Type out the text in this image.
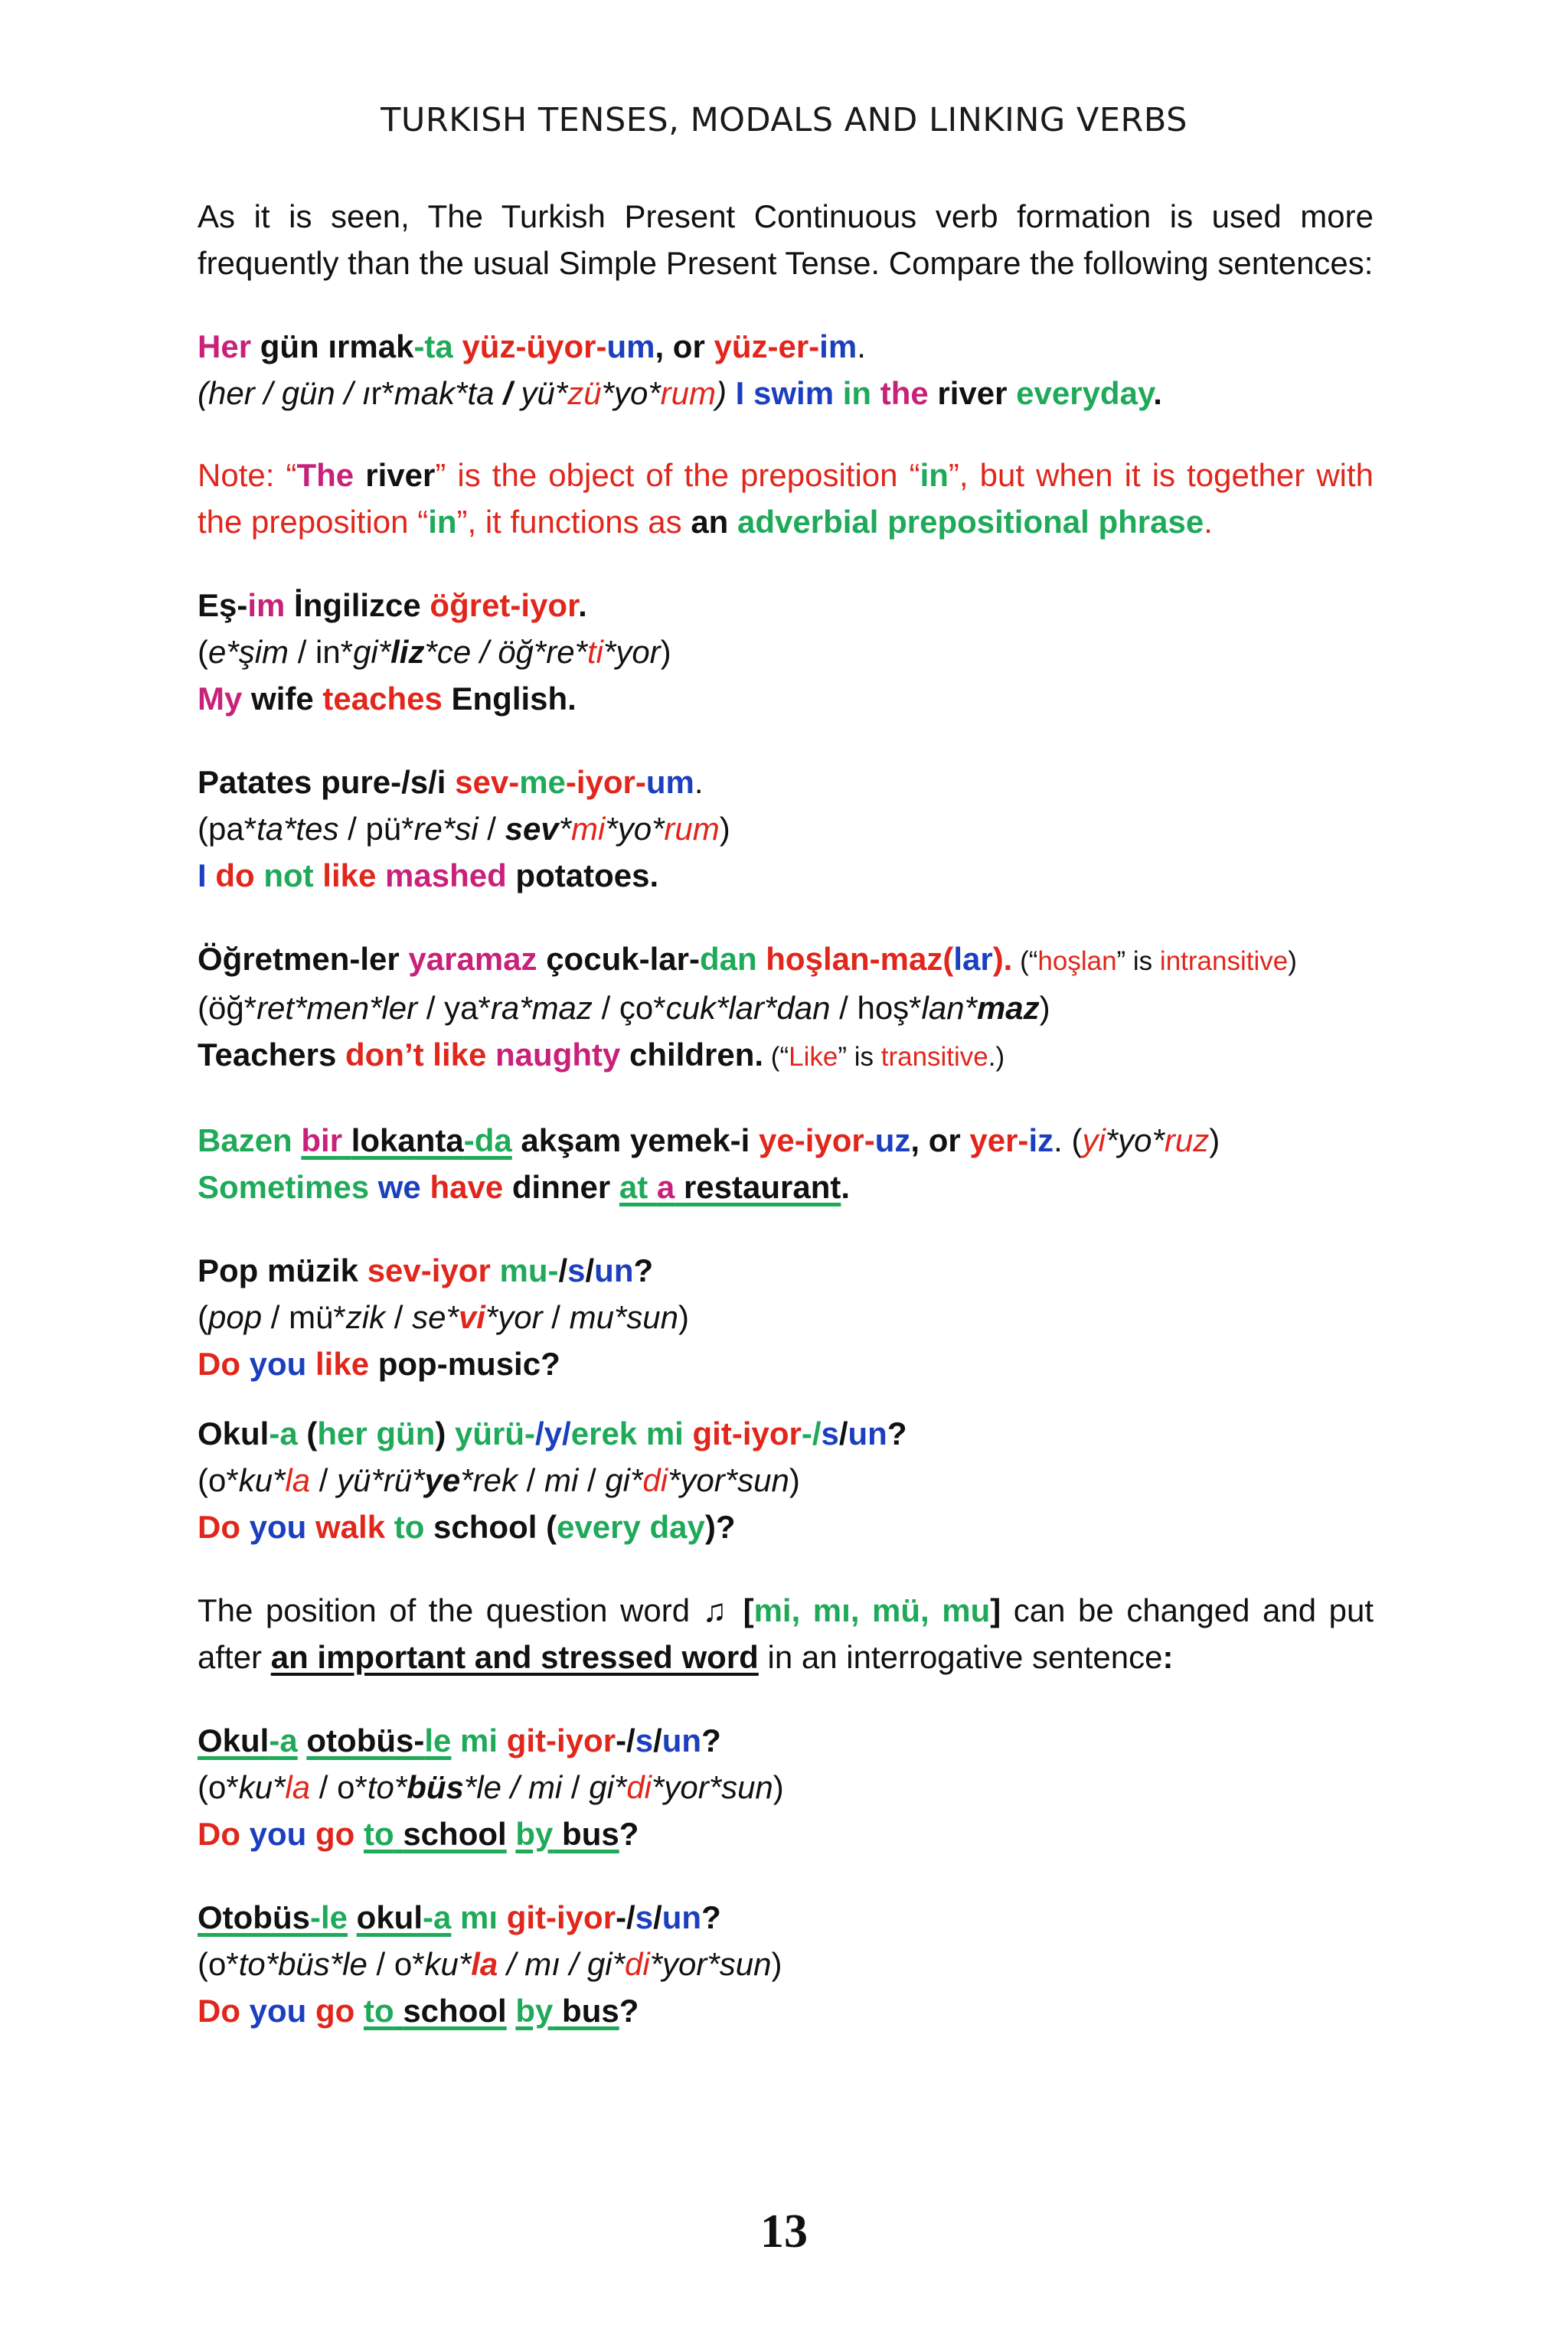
TURKISH TENSES, MODALS AND LINKING VERBS

As it is seen, The Turkish Present Continuous verb formation is used more frequently than the usual Simple Present Tense. Compare the following sentences:

Her gün ırmak-ta yüz-üyor-um, or yüz-er-im.
(her / gün / ır*mak*ta / yü*zü*yo*rum) I swim in the river everyday.

Note: “The river” is the object of the preposition “in”, but when it is together with the preposition “in”, it functions as an adverbial prepositional phrase.

Eş-im İngilizce öğret-iyor.
(e*şim / in*gi*liz*ce / öğ*re*ti*yor)
My wife teaches English.
Patates pure-/s/i sev-me-iyor-um.
(pa*ta*tes / pü*re*si / sev*mi*yo*rum)
I do not like mashed potatoes.
Öğretmen-ler yaramaz çocuk-lar-dan hoşlan-maz(lar). (“hoşlan” is intransitive)
(öğ*ret*men*ler / ya*ra*maz / ço*cuk*lar*dan / hoş*lan*maz)
Teachers don’t like naughty children. (“Like” is transitive.)
Bazen bir lokanta-da akşam yemek-i ye-iyor-uz, or yer-iz. (yi*yo*ruz)
Sometimes we have dinner at a restaurant.
Pop müzik sev-iyor mu-/s/un?
(pop / mü*zik / se*vi*yor / mu*sun)
Do you like pop-music?
Okul-a (her gün) yürü-/y/erek mi git-iyor-/s/un?
(o*ku*la / yü*rü*ye*rek / mi / gi*di*yor*sun)
Do you walk to school (every day)?

The position of the question word ♫ [mi, mı, mü, mu] can be changed and put after an important and stressed word in an interrogative sentence:

Okul-a otobüs-le mi git-iyor-/s/un?
(o*ku*la / o*to*büs*le / mi / gi*di*yor*sun)
Do you go to school by bus?
Otobüs-le okul-a mı git-iyor-/s/un?
(o*to*büs*le / o*ku*la / mı / gi*di*yor*sun)
Do you go to school by bus?
13
